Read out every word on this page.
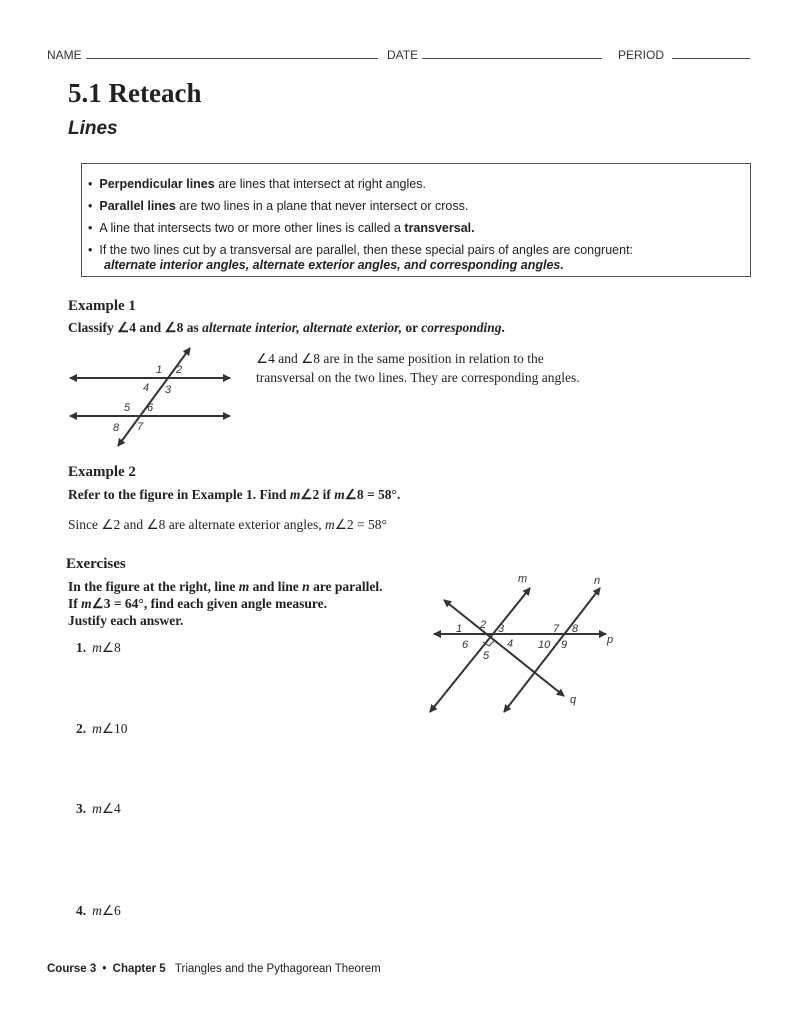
NAME	DATE	PERIOD
5.1 Reteach
Lines
• Perpendicular lines are lines that intersect at right angles.
• Parallel lines are two lines in a plane that never intersect or cross.
• A line that intersects two or more other lines is called a transversal.
• If the two lines cut by a transversal are parallel, then these special pairs of angles are congruent:
alternate interior angles, alternate exterior angles, and corresponding angles.
Example 1
Classify ∠4 and ∠8 as alternate interior, alternate exterior, or corresponding.
1 2
4 3
5 6
8 7
∠4 and ∠8 are in the same position in relation to the
transversal on the two lines. They are corresponding angles.
Example 2
Refer to the figure in Example 1. Find m∠2 if m∠8 = 58°.
Since ∠2 and ∠8 are alternate exterior angles, m∠2 = 58°
Exercises
In the figure at the right, line m and line n are parallel.
If m∠3 = 64°, find each given angle measure.
Justify each answer.
1. m∠8
2. m∠10
3. m∠4
4. m∠6
m	n
p
q
1 2 3
6
5
4
7 8
10 9
Course 3 • Chapter 5 Triangles and the Pythagorean Theorem
